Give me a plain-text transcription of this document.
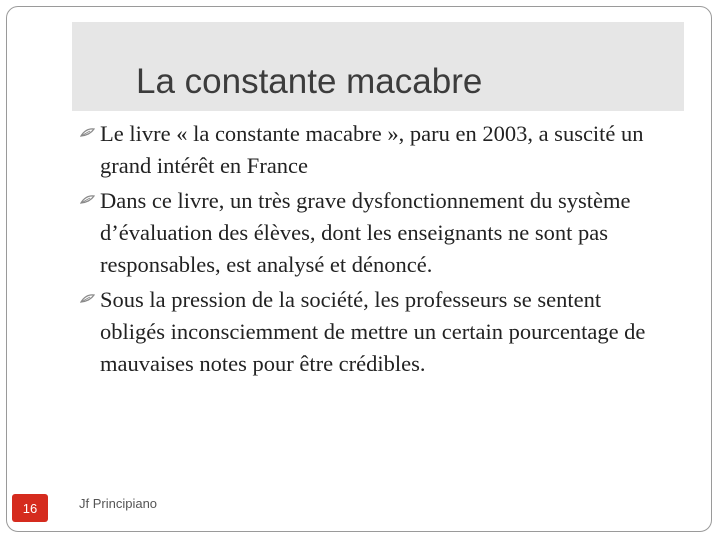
La constante macabre
Le livre « la constante macabre », paru en 2003, a suscité un grand intérêt en France
Dans ce livre, un très grave dysfonctionnement du système d’évaluation des élèves, dont les enseignants ne sont pas responsables, est analysé et dénoncé.
Sous la pression de la société, les professeurs se sentent obligés inconsciemment de mettre un certain pourcentage de mauvaises notes pour être crédibles.
16	Jf Principiano
